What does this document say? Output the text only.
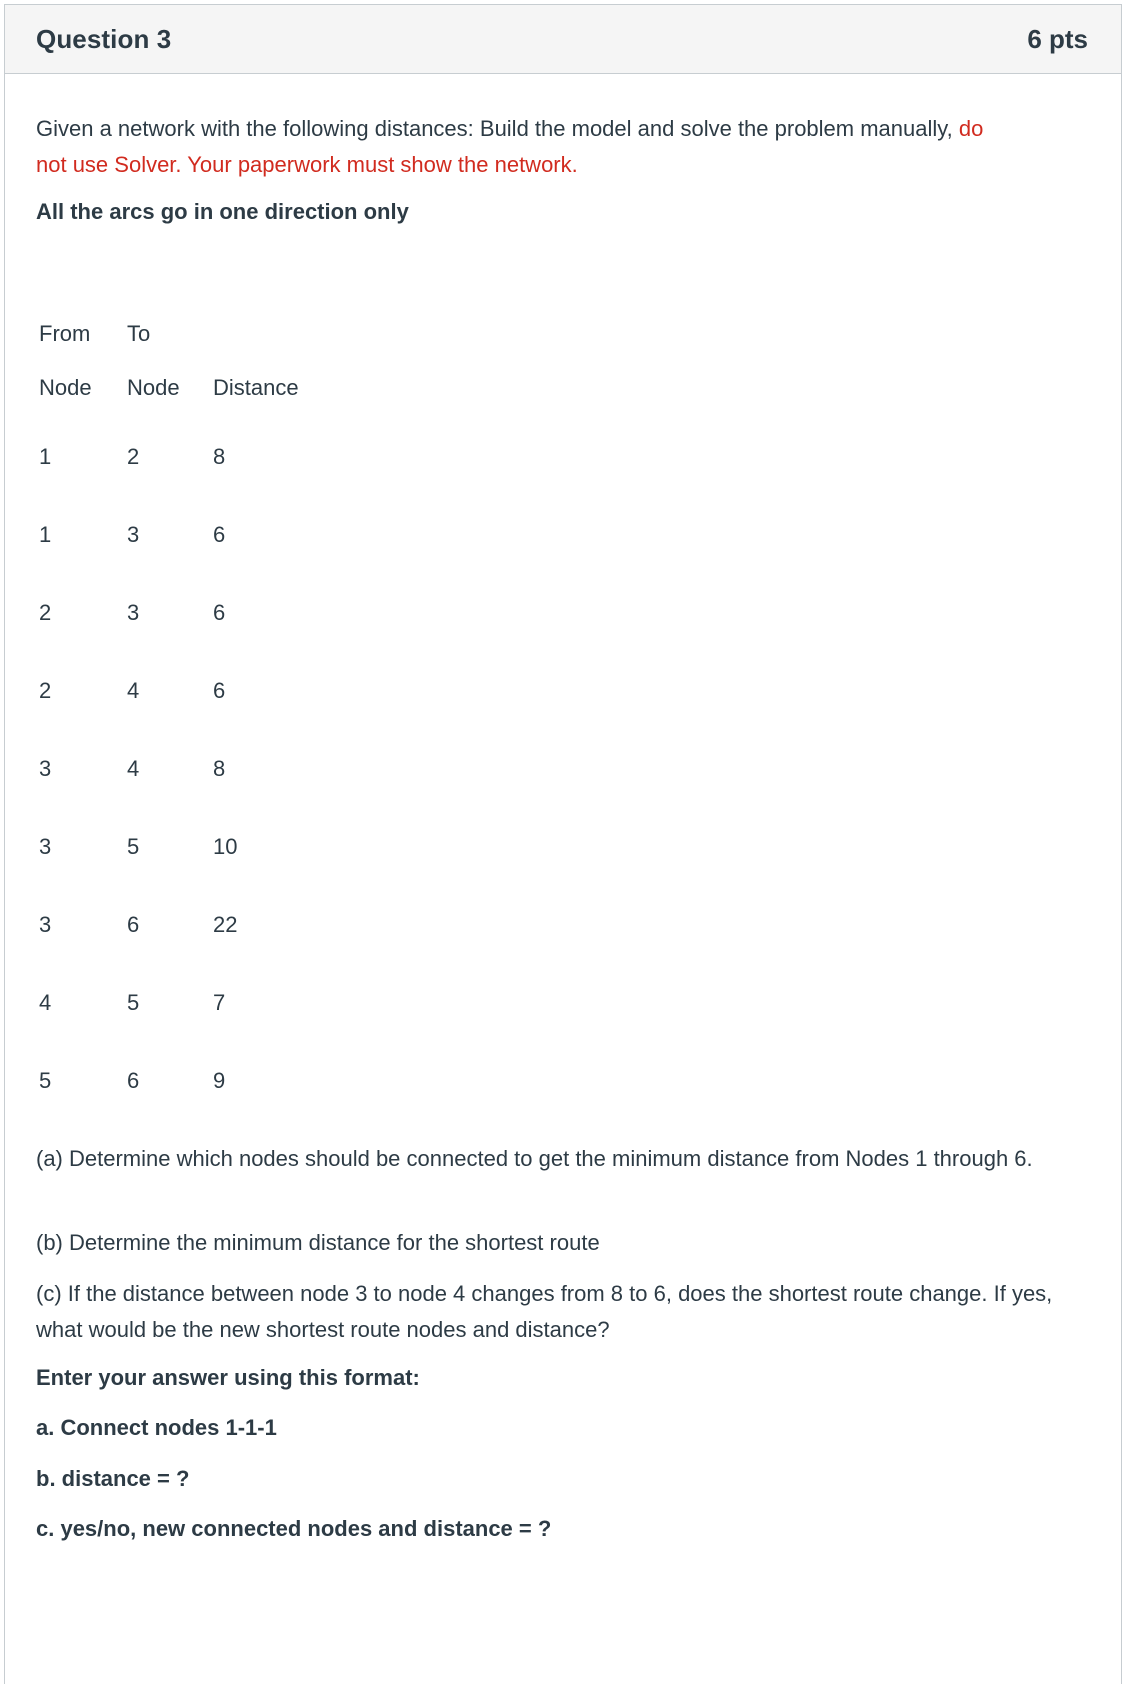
Question 3	6 pts

Given a network with the following distances: Build the model and solve the problem manually, do
not use Solver. Your paperwork must show the network.

All the arcs go in one direction only

From	To	
Node	Node	Distance
1	2	8
1	3	6
2	3	6
2	4	6
3	4	8
3	5	10
3	6	22
4	5	7
5	6	9

(a) Determine which nodes should be connected to get the minimum distance from Nodes 1 through 6.

(b) Determine the minimum distance for the shortest route

(c) If the distance between node 3 to node 4 changes from 8 to 6, does the shortest route change. If yes, what would be the new shortest route nodes and distance?

Enter your answer using this format:

a. Connect nodes 1-1-1

b. distance = ?

c. yes/no, new connected nodes and distance = ?
